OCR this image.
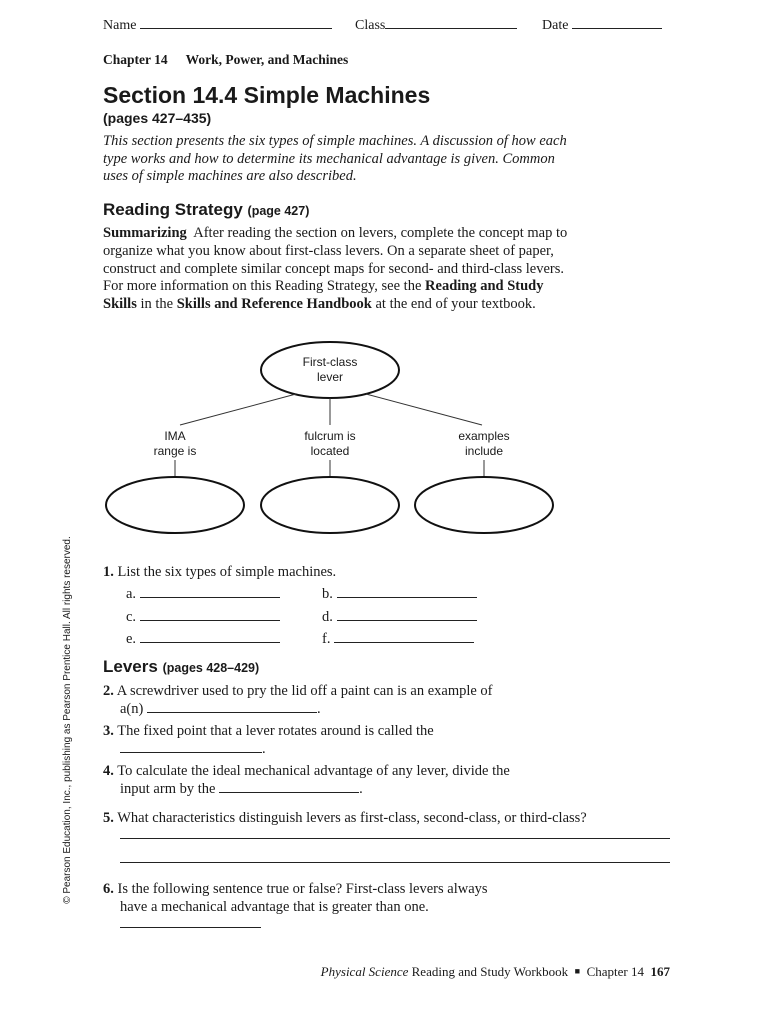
Name	Class	Date
Chapter 14 Work, Power, and Machines
Section 14.4 Simple Machines
(pages 427–435)
This section presents the six types of simple machines. A discussion of how each type works and how to determine its mechanical advantage is given. Common uses of simple machines are also described.
Reading Strategy (page 427)
Summarizing After reading the section on levers, complete the concept map to organize what you know about first-class levers. On a separate sheet of paper, construct and complete similar concept maps for second- and third-class levers. For more information on this Reading Strategy, see the Reading and Study Skills in the Skills and Reference Handbook at the end of your textbook.
First-class
lever
IMA
range is
fulcrum is
located
examples
include
1. List the six types of simple machines.
a.	b.
c.	d.
e.	f.
Levers (pages 428–429)
2. A screwdriver used to pry the lid off a paint can is an example of
a(n)	.
3. The fixed point that a lever rotates around is called the
.
4. To calculate the ideal mechanical advantage of any lever, divide the
input arm by the	.
5. What characteristics distinguish levers as first-class, second-class, or third-class?
6. Is the following sentence true or false? First-class levers always
have a mechanical advantage that is greater than one.
© Pearson Education, Inc., publishing as Pearson Prentice Hall. All rights reserved.
Physical Science Reading and Study Workbook ■ Chapter 14 167
